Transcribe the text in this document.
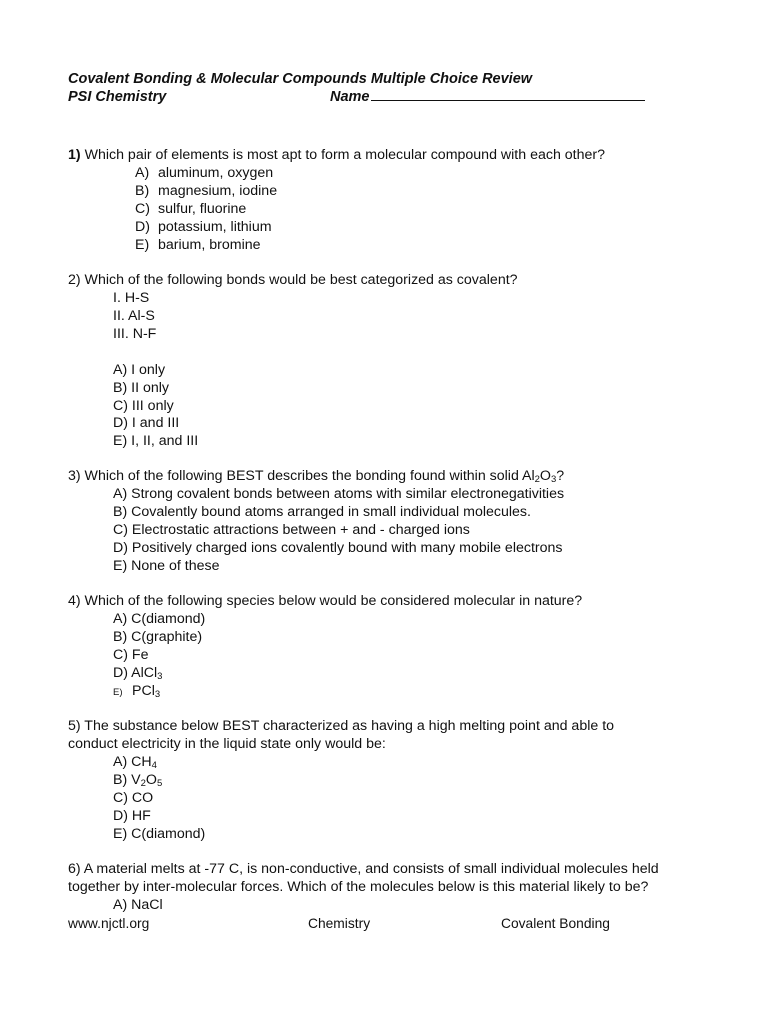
Covalent Bonding & Molecular Compounds Multiple Choice Review
PSI Chemistry	Name
1) Which pair of elements is most apt to form a molecular compound with each other?
A) aluminum, oxygen
B) magnesium, iodine
C) sulfur, fluorine
D) potassium, lithium
E) barium, bromine
2) Which of the following bonds would be best categorized as covalent?
I. H-S
II. Al-S
III. N-F
A) I only
B) II only
C) III only
D) I and III
E) I, II, and III
3) Which of the following BEST describes the bonding found within solid $Al_2O_3$?
A) Strong covalent bonds between atoms with similar electronegativities
B) Covalently bound atoms arranged in small individual molecules.
C) Electrostatic attractions between + and - charged ions
D) Positively charged ions covalently bound with many mobile electrons
E) None of these
4) Which of the following species below would be considered molecular in nature?
A) C(diamond)
B) C(graphite)
C) Fe
D) AlCl$_3$
E) PCl$_3$
5) The substance below BEST characterized as having a high melting point and able to
conduct electricity in the liquid state only would be:
A) $CH_4$
B) $V_2O_5$
C) CO
D) HF
E) C(diamond)
6) A material melts at -77 C, is non-conductive, and consists of small individual molecules held
together by inter-molecular forces. Which of the molecules below is this material likely to be?
A) NaCl
www.njctl.org	Chemistry	Covalent Bonding
